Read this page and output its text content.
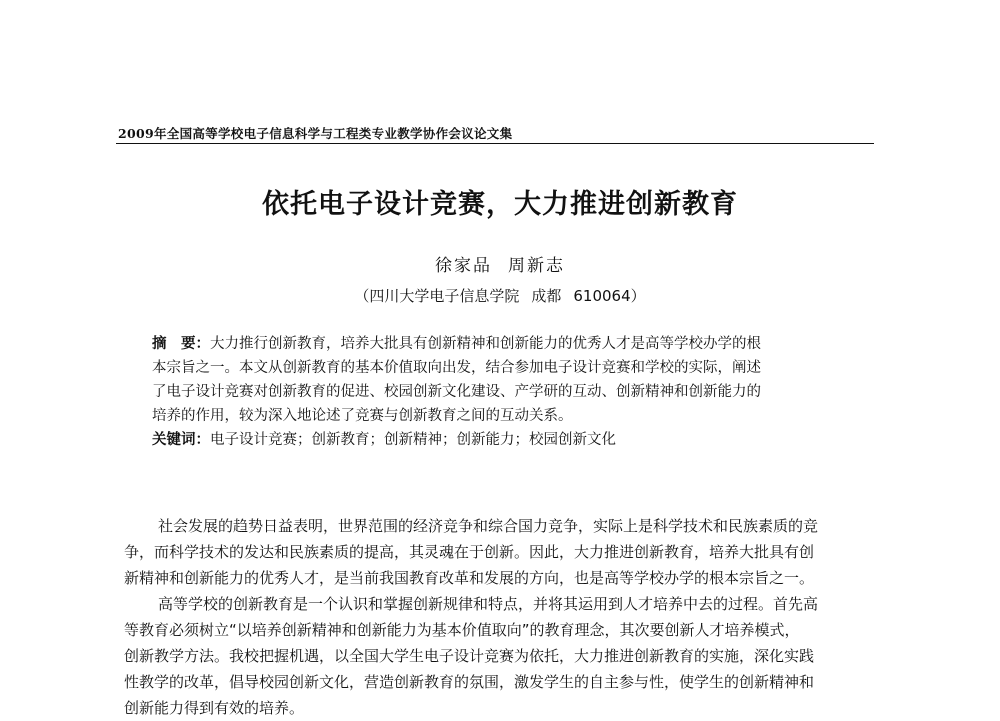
2009年全国高等学校电子信息科学与工程类专业教学协作会议论文集
依托电子设计竞赛，大力推进创新教育
徐家品 周新志
（四川大学电子信息学院 成都 610064）
摘　要：大力推行创新教育，培养大批具有创新精神和创新能力的优秀人才是高等学校办学的根
本宗旨之一。本文从创新教育的基本价值取向出发，结合参加电子设计竞赛和学校的实际，阐述
了电子设计竞赛对创新教育的促进、校园创新文化建设、产学研的互动、创新精神和创新能力的
培养的作用，较为深入地论述了竞赛与创新教育之间的互动关系。
关键词：电子设计竞赛；创新教育；创新精神；创新能力；校园创新文化
社会发展的趋势日益表明，世界范围的经济竞争和综合国力竞争，实际上是科学技术和民族素质的竞
争，而科学技术的发达和民族素质的提高，其灵魂在于创新。因此，大力推进创新教育，培养大批具有创
新精神和创新能力的优秀人才，是当前我国教育改革和发展的方向，也是高等学校办学的根本宗旨之一。
高等学校的创新教育是一个认识和掌握创新规律和特点，并将其运用到人才培养中去的过程。首先高
等教育必须树立“以培养创新精神和创新能力为基本价值取向”的教育理念，其次要创新人才培养模式，
创新教学方法。我校把握机遇，以全国大学生电子设计竞赛为依托，大力推进创新教育的实施，深化实践
性教学的改革，倡导校园创新文化，营造创新教育的氛围，激发学生的自主参与性，使学生的创新精神和
创新能力得到有效的培养。
